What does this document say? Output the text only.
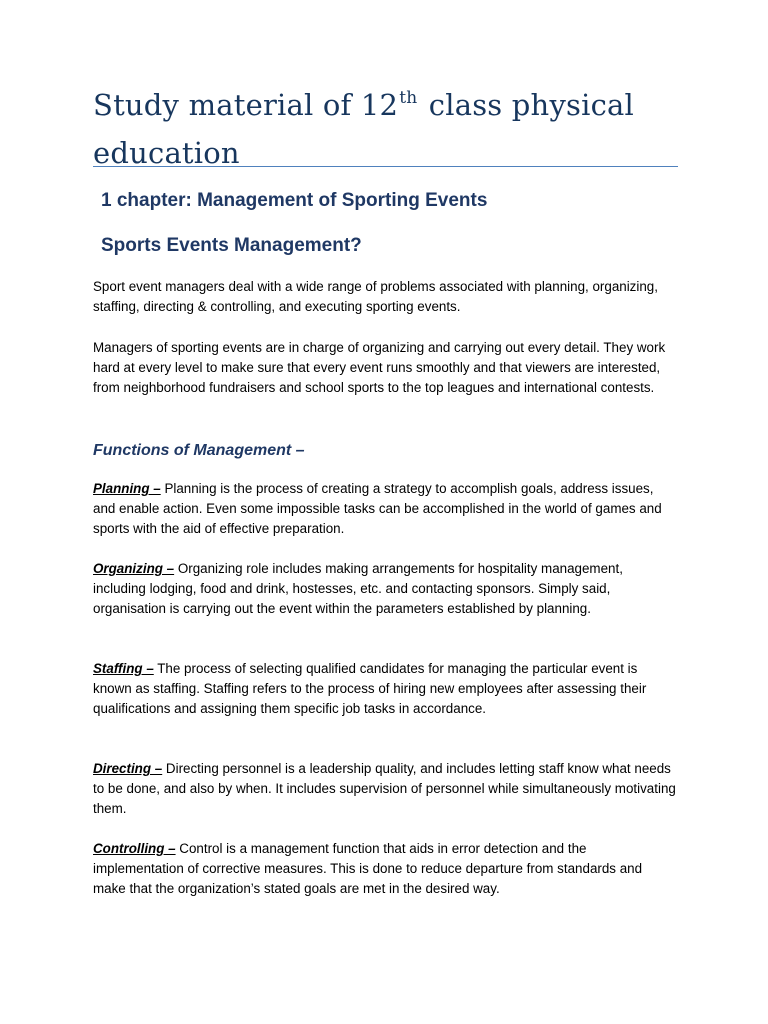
Study material of 12th class physical education
1 chapter: Management of Sporting Events
Sports Events Management?

Sport event managers deal with a wide range of problems associated with planning, organizing, staffing, directing & controlling, and executing sporting events.

Managers of sporting events are in charge of organizing and carrying out every detail. They work hard at every level to make sure that every event runs smoothly and that viewers are interested, from neighborhood fundraisers and school sports to the top leagues and international contests.

Functions of Management –

Planning – Planning is the process of creating a strategy to accomplish goals, address issues, and enable action. Even some impossible tasks can be accomplished in the world of games and sports with the aid of effective preparation.

Organizing – Organizing role includes making arrangements for hospitality management, including lodging, food and drink, hostesses, etc. and contacting sponsors. Simply said, organisation is carrying out the event within the parameters established by planning.

Staffing – The process of selecting qualified candidates for managing the particular event is known as staffing. Staffing refers to the process of hiring new employees after assessing their qualifications and assigning them specific job tasks in accordance.

Directing – Directing personnel is a leadership quality, and includes letting staff know what needs to be done, and also by when. It includes supervision of personnel while simultaneously motivating them.

Controlling – Control is a management function that aids in error detection and the implementation of corrective measures. This is done to reduce departure from standards and make that the organization’s stated goals are met in the desired way.
